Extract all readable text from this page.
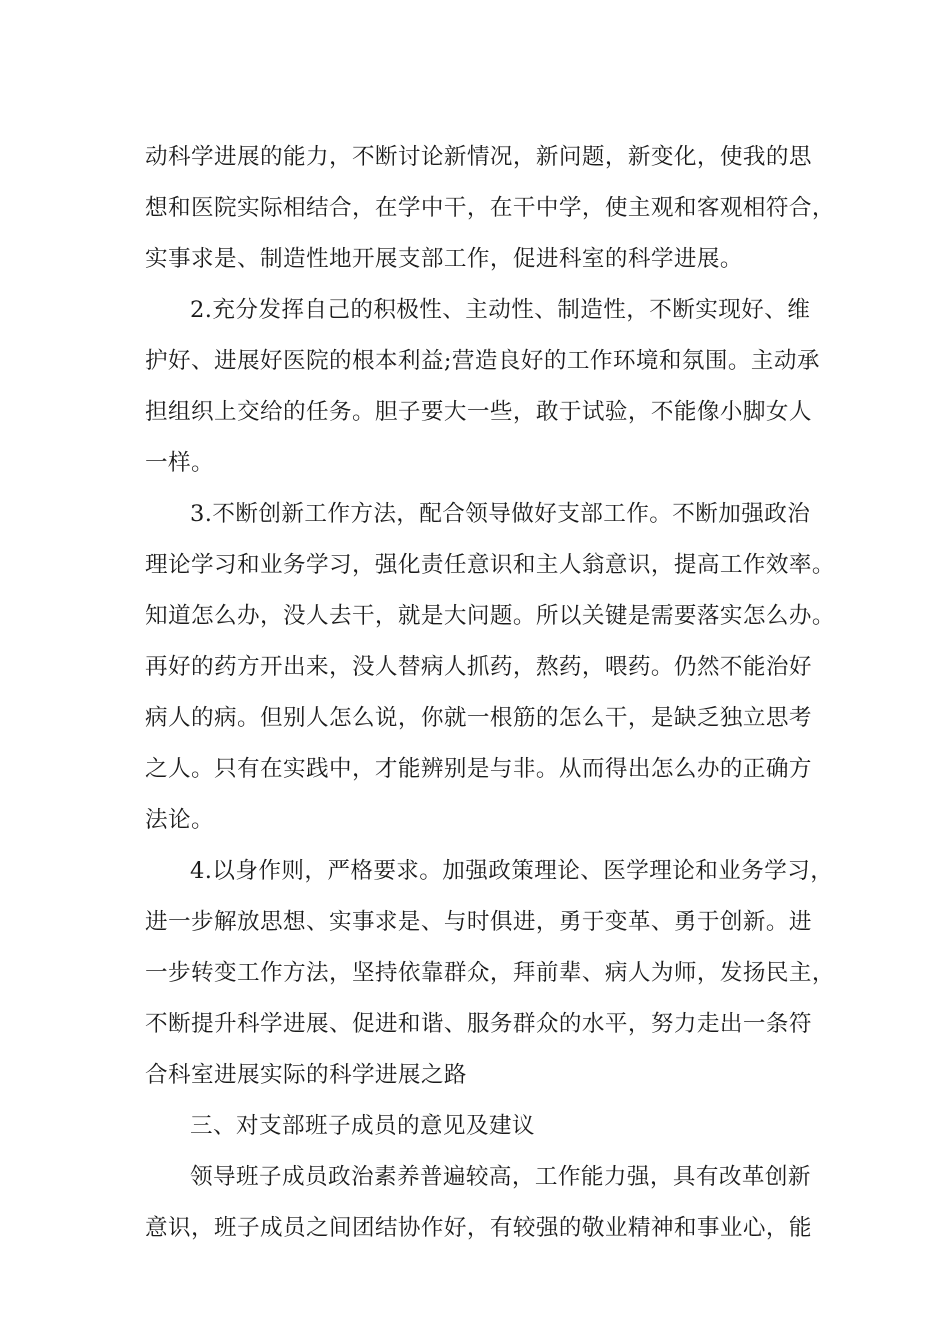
动科学进展的能力，不断讨论新情况，新问题，新变化，使我的思
想和医院实际相结合，在学中干，在干中学，使主观和客观相符合，
实事求是、制造性地开展支部工作，促进科室的科学进展。
2.充分发挥自己的积极性、主动性、制造性，不断实现好、维
护好、进展好医院的根本利益;营造良好的工作环境和氛围。主动承
担组织上交给的任务。胆子要大一些，敢于试验，不能像小脚女人
一样。
3.不断创新工作方法，配合领导做好支部工作。不断加强政治
理论学习和业务学习，强化责任意识和主人翁意识，提高工作效率。
知道怎么办，没人去干，就是大问题。所以关键是需要落实怎么办。
再好的药方开出来，没人替病人抓药，熬药，喂药。仍然不能治好
病人的病。但别人怎么说，你就一根筋的怎么干，是缺乏独立思考
之人。只有在实践中，才能辨别是与非。从而得出怎么办的正确方
法论。
4.以身作则，严格要求。加强政策理论、医学理论和业务学习，
进一步解放思想、实事求是、与时俱进，勇于变革、勇于创新。进
一步转变工作方法，坚持依靠群众，拜前辈、病人为师，发扬民主，
不断提升科学进展、促进和谐、服务群众的水平，努力走出一条符
合科室进展实际的科学进展之路
三、对支部班子成员的意见及建议
领导班子成员政治素养普遍较高，工作能力强，具有改革创新
意识，班子成员之间团结协作好，有较强的敬业精神和事业心，能
